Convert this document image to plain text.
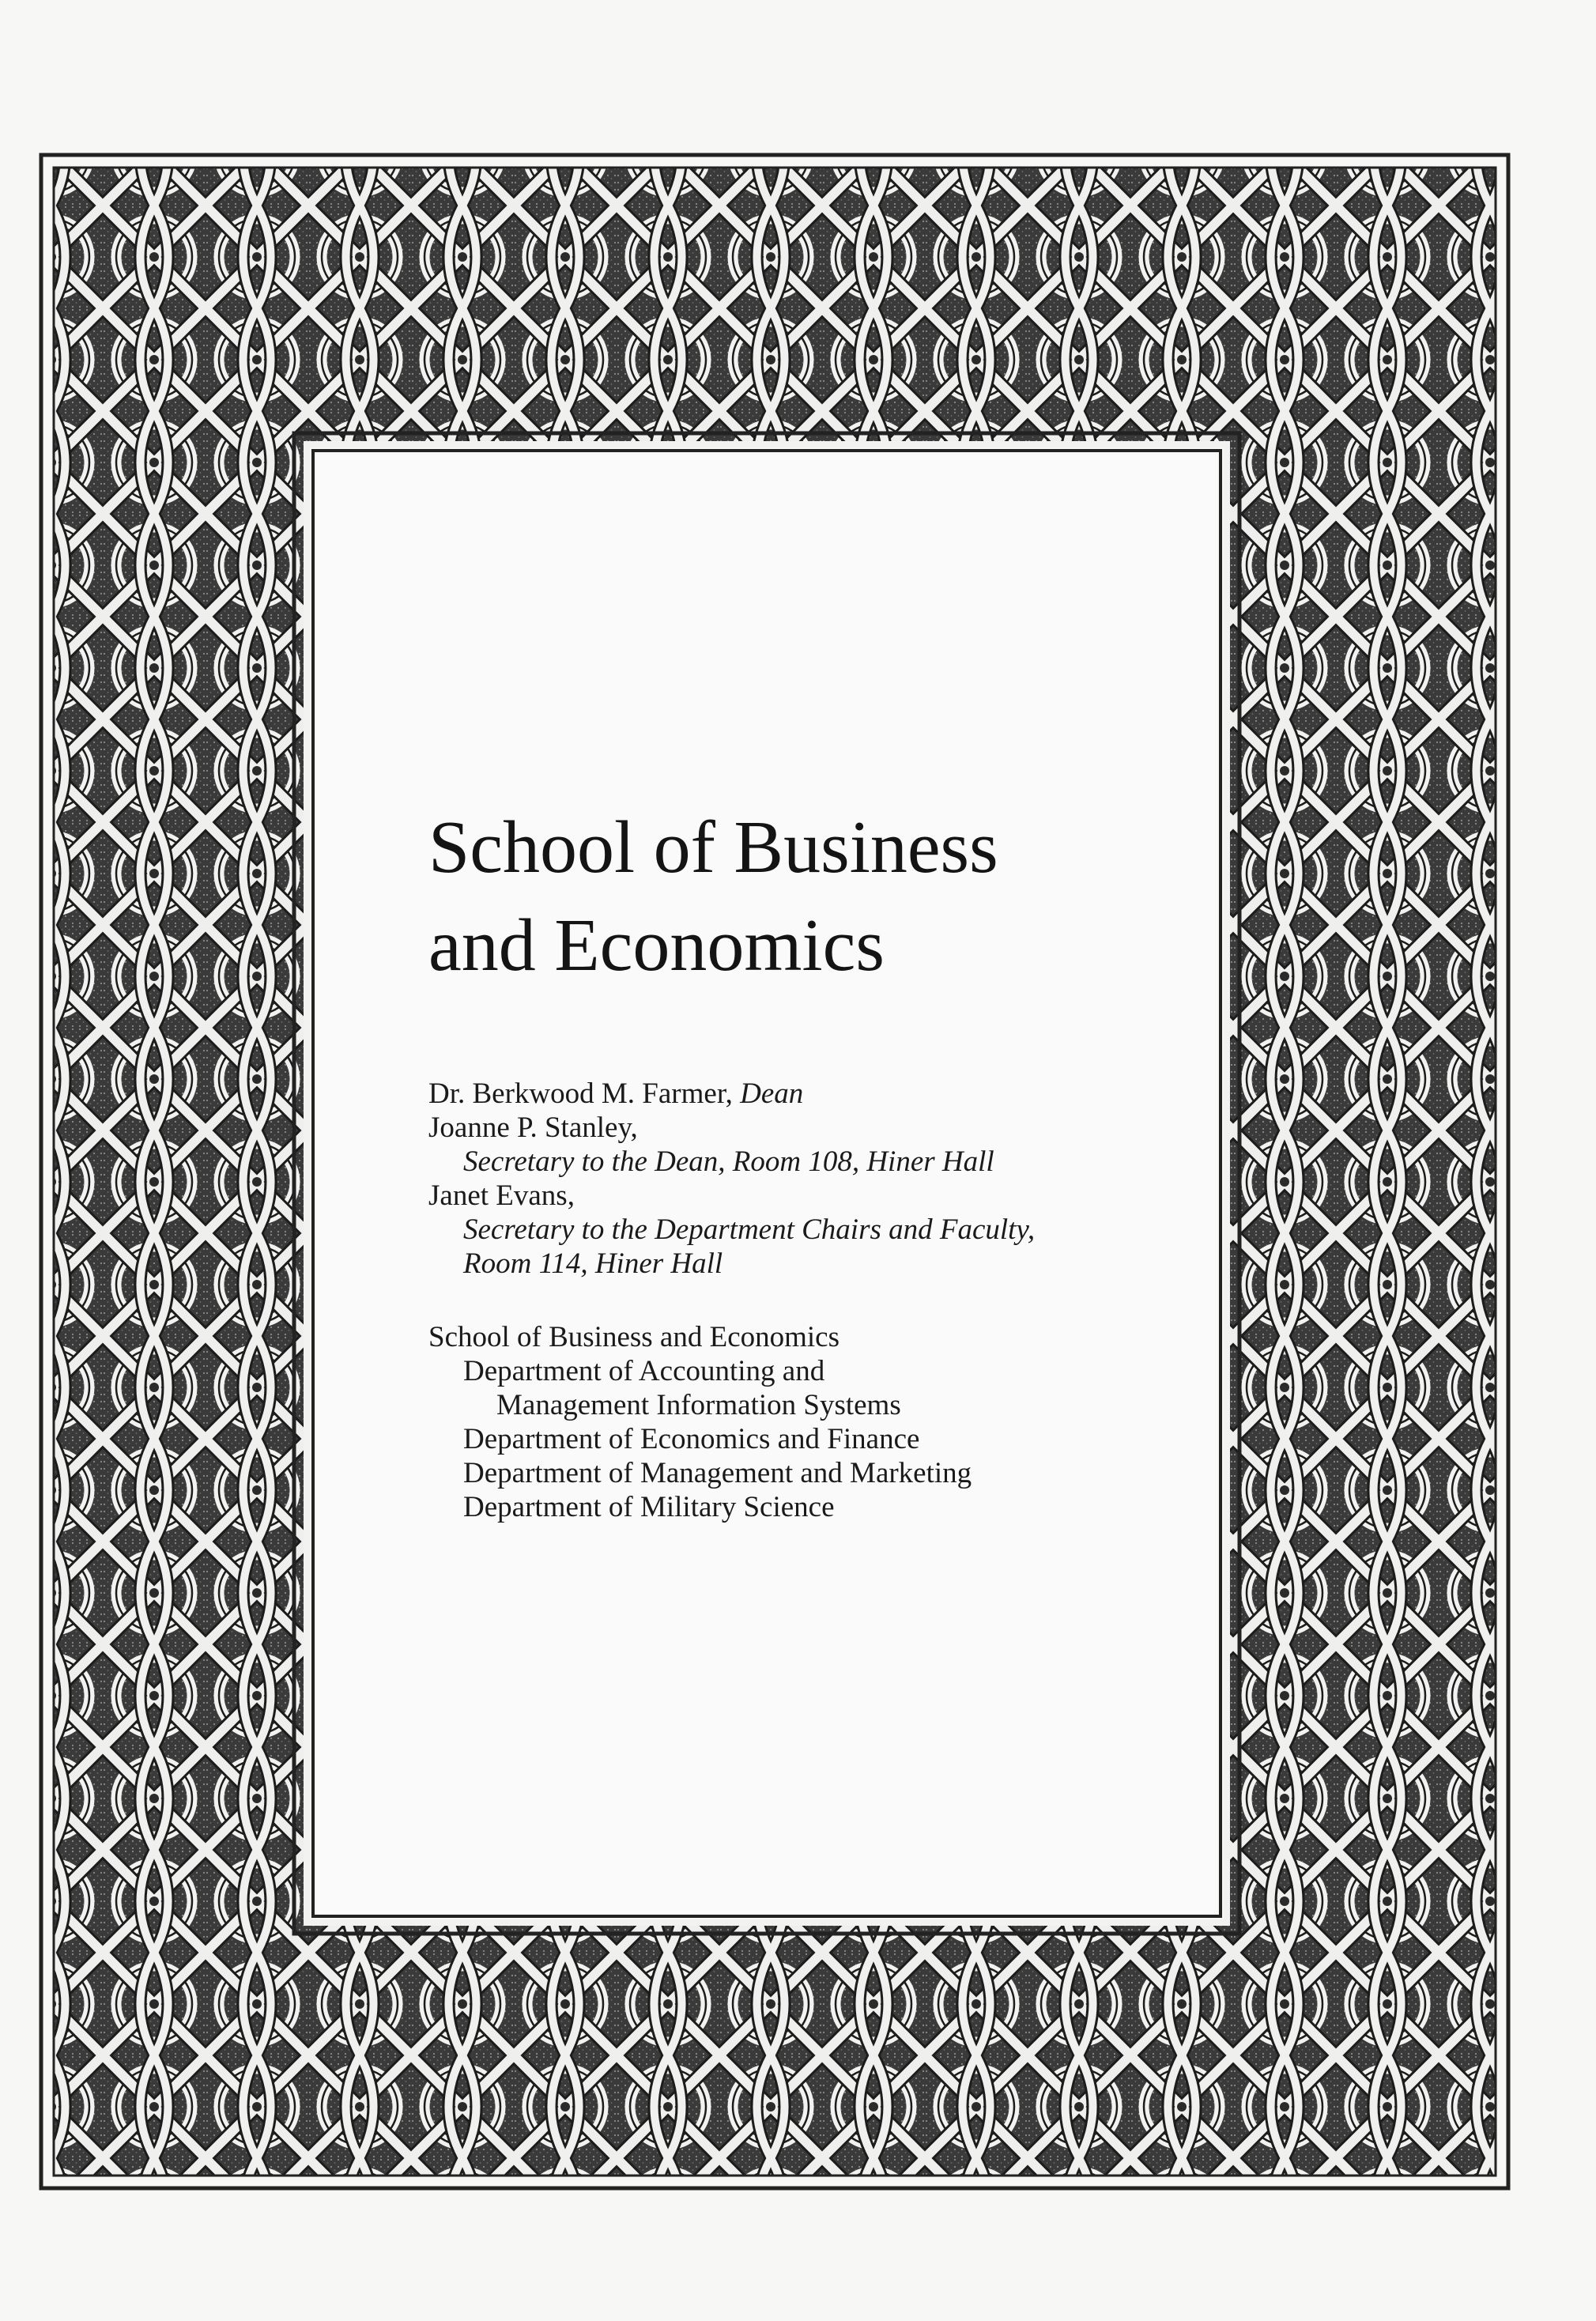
School of Business
and Economics
Dr. Berkwood M. Farmer, Dean
Joanne P. Stanley,
Secretary to the Dean, Room 108, Hiner Hall
Janet Evans,
Secretary to the Department Chairs and Faculty,
Room 114, Hiner Hall
School of Business and Economics
Department of Accounting and
Management Information Systems
Department of Economics and Finance
Department of Management and Marketing
Department of Military Science
